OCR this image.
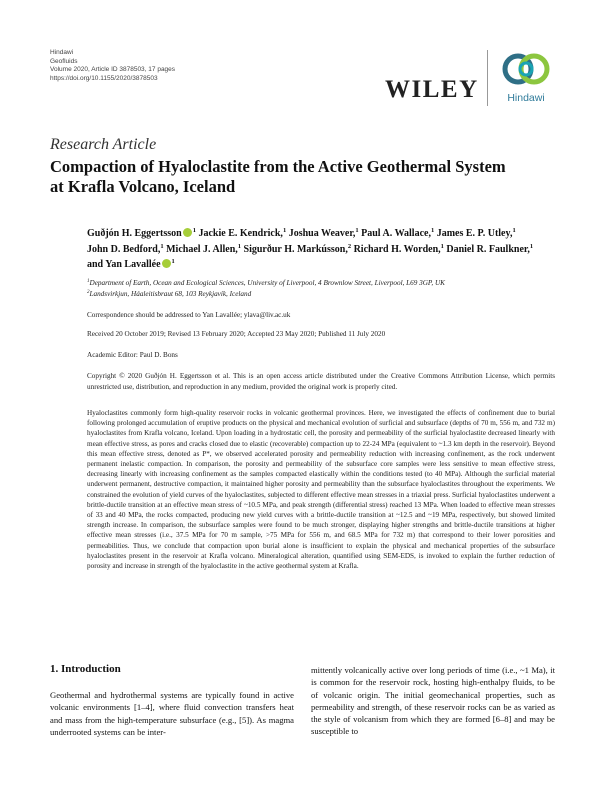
Hindawi
Geofluids
Volume 2020, Article ID 3878503, 17 pages
https://doi.org/10.1155/2020/3878503	WILEY	Hindawi
Research Article
Compaction of Hyaloclastite from the Active Geothermal System at Krafla Volcano, Iceland
Guðjón H. Eggertsson $^1$ Jackie E. Kendrick,$^1$ Joshua Weaver,$^1$ Paul A. Wallace,$^1$ James E. P. Utley,$^1$ John D. Bedford,$^1$ Michael J. Allen,$^1$ Sigurður H. Markússon,$^2$ Richard H. Worden,$^1$ Daniel R. Faulkner,$^1$ and Yan Lavallée $^1$
$^1$Department of Earth, Ocean and Ecological Sciences, University of Liverpool, 4 Brownlow Street, Liverpool, L69 3GP, UK
$^2$Landsvirkjun, Háaleitisbraut 68, 103 Reykjavík, Iceland
Correspondence should be addressed to Yan Lavallée; ylava@liv.ac.uk
Received 20 October 2019; Revised 13 February 2020; Accepted 23 May 2020; Published 11 July 2020
Academic Editor: Paul D. Bons
Copyright © 2020 Guðjón H. Eggertsson et al. This is an open access article distributed under the Creative Commons Attribution License, which permits unrestricted use, distribution, and reproduction in any medium, provided the original work is properly cited.
Hyaloclastites commonly form high-quality reservoir rocks in volcanic geothermal provinces. Here, we investigated the effects of confinement due to burial following prolonged accumulation of eruptive products on the physical and mechanical evolution of surficial and subsurface (depths of 70 m, 556 m, and 732 m) hyaloclastites from Krafla volcano, Iceland. Upon loading in a hydrostatic cell, the porosity and permeability of the surficial hyaloclastite decreased linearly with mean effective stress, as pores and cracks closed due to elastic (recoverable) compaction up to 22-24 MPa (equivalent to ~1.3 km depth in the reservoir). Beyond this mean effective stress, denoted as P*, we observed accelerated porosity and permeability reduction with increasing confinement, as the rock underwent permanent inelastic compaction. In comparison, the porosity and permeability of the subsurface core samples were less sensitive to mean effective stress, decreasing linearly with increasing confinement as the samples compacted elastically within the conditions tested (to 40 MPa). Although the surficial material underwent permanent, destructive compaction, it maintained higher porosity and permeability than the subsurface hyaloclastites throughout the experiments. We constrained the evolution of yield curves of the hyaloclastites, subjected to different effective mean stresses in a triaxial press. Surficial hyaloclastites underwent a brittle-ductile transition at an effective mean stress of ~10.5 MPa, and peak strength (differential stress) reached 13 MPa. When loaded to effective mean stresses of 33 and 40 MPa, the rocks compacted, producing new yield curves with a brittle-ductile transition at ~12.5 and ~19 MPa, respectively, but showed limited strength increase. In comparison, the subsurface samples were found to be much stronger, displaying higher strengths and brittle-ductile transitions at higher effective mean stresses (i.e., 37.5 MPa for 70 m sample, >75 MPa for 556 m, and 68.5 MPa for 732 m) that correspond to their lower porosities and permeabilities. Thus, we conclude that compaction upon burial alone is insufficient to explain the physical and mechanical properties of the subsurface hyaloclastites present in the reservoir at Krafla volcano. Mineralogical alteration, quantified using SEM-EDS, is invoked to explain the further reduction of porosity and increase in strength of the hyaloclastite in the active geothermal system at Krafla.
1. Introduction

Geothermal and hydrothermal systems are typically found in active volcanic environments [1–4], where fluid convection transfers heat and mass from the high-temperature subsurface (e.g., [5]). As magma underrooted systems can be inter-

mittently volcanically active over long periods of time (i.e., ~1 Ma), it is common for the reservoir rock, hosting high-enthalpy fluids, to be of volcanic origin. The initial geomechanical properties, such as permeability and strength, of these reservoir rocks can be as varied as the style of volcanism from which they are formed [6–8] and may be susceptible to
